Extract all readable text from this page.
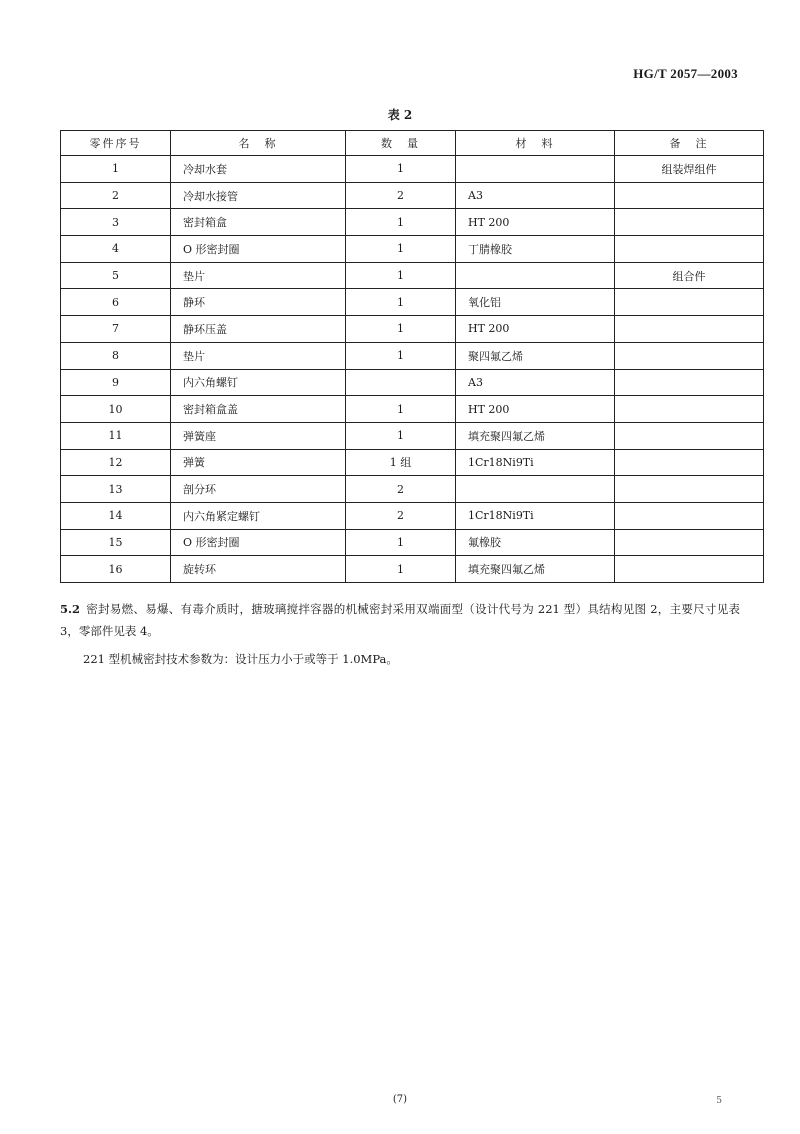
HG/T 2057—2003
表 2
零件序号	名　称	数　量	材　料	备　注
1	冷却水套	1		组装焊组件
2	冷却水接管	2	A3	
3	密封箱盒	1	HT 200	
4	O 形密封圈	1	丁腈橡胶	
5	垫片	1		组合件
6	静环	1	氧化铝	
7	静环压盖	1	HT 200	
8	垫片	1	聚四氟乙烯	
9	内六角螺钉		A3	
10	密封箱盒盖	1	HT 200	
11	弹簧座	1	填充聚四氟乙烯	
12	弹簧	1 组	1Cr18Ni9Ti	
13	剖分环	2		
14	内六角紧定螺钉	2	1Cr18Ni9Ti	
15	O 形密封圈	1	氟橡胶	
16	旋转环	1	填充聚四氟乙烯	
5.2 密封易燃、易爆、有毒介质时，搪玻璃搅拌容器的机械密封采用双端面型（设计代号为 221 型）具结构见图 2，主要尺寸见表 3，零部件见表 4。
221 型机械密封技术参数为：设计压力小于或等于 1.0MPa。
(7)	5
